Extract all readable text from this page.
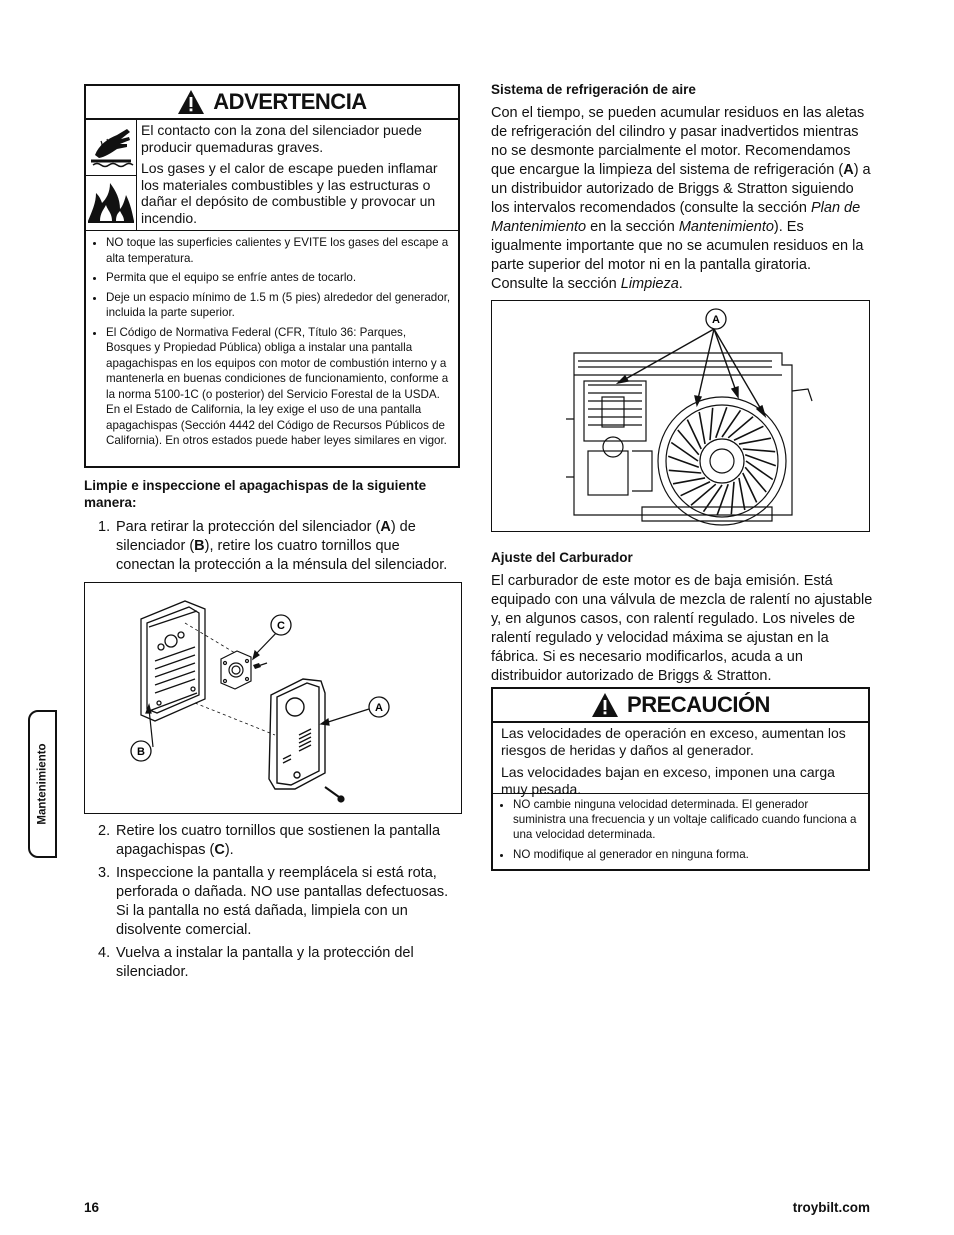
ADVERTENCIA

El contacto con la zona del silenciador puede producir quemaduras graves.

Los gases y el calor de escape pueden inflamar los materiales combustibles y las estructuras o dañar el depósito de combustible y provocar un incendio.

• NO toque las superficies calientes y EVITE los gases del escape a alta temperatura.
• Permita que el equipo se enfríe antes de tocarlo.
• Deje un espacio mínimo de 1.5 m (5 pies) alrededor del generador, incluida la parte superior.
• El Código de Normativa Federal (CFR, Título 36: Parques, Bosques y Propiedad Pública) obliga a instalar una pantalla apagachispas en los equipos con motor de combustión interno y a mantenerla en buenas condiciones de funcionamiento, conforme a la norma 5100-1C (o posterior) del Servicio Forestal de la USDA. En el Estado de California, la ley exige el uso de una pantalla apagachispas (Sección 4442 del Código de Recursos Públicos de California). En otros estados puede haber leyes similares en vigor.

Limpie e inspeccione el apagachispas de la siguiente manera:

1. Para retirar la protección del silenciador (A) de silenciador (B), retire los cuatro tornillos que conectan la protección a la ménsula del silenciador.
C
A
B
2. Retire los cuatro tornillos que sostienen la pantalla apagachispas (C).
3. Inspeccione la pantalla y reemplácela si está rota, perforada o dañada. NO use pantallas defectuosas. Si la pantalla no está dañada, limpiela con un disolvente comercial.
4. Vuelva a instalar la pantalla y la protección del silenciador.

Sistema de refrigeración de aire

Con el tiempo, se pueden acumular residuos en las aletas de refrigeración del cilindro y pasar inadvertidos mientras no se desmonte parcialmente el motor. Recomendamos que encargue la limpieza del sistema de refrigeración (A) a un distribuidor autorizado de Briggs & Stratton siguiendo los intervalos recomendados (consulte la sección Plan de Mantenimiento en la sección Mantenimiento). Es igualmente importante que no se acumulen residuos en la parte superior del motor ni en la pantalla giratoria. Consulte la sección Limpieza.

A

Ajuste del Carburador

El carburador de este motor es de baja emisión. Está equipado con una válvula de mezcla de ralentí no ajustable y, en algunos casos, con ralentí regulado. Los niveles de ralentí regulado y velocidad máxima se ajustan en la fábrica. Si es necesario modificarlos, acuda a un distribuidor autorizado de Briggs & Stratton.

PRECAUCIÓN

Las velocidades de operación en exceso, aumentan los riesgos de heridas y daños al generador.

Las velocidades bajan en exceso, imponen una carga muy pesada.

• NO cambie ninguna velocidad determinada. El generador suministra una frecuencia y un voltaje calificado cuando funciona a una velocidad determinada.
• NO modifique al generador en ninguna forma.
Mantenimiento
16	troybilt.com
